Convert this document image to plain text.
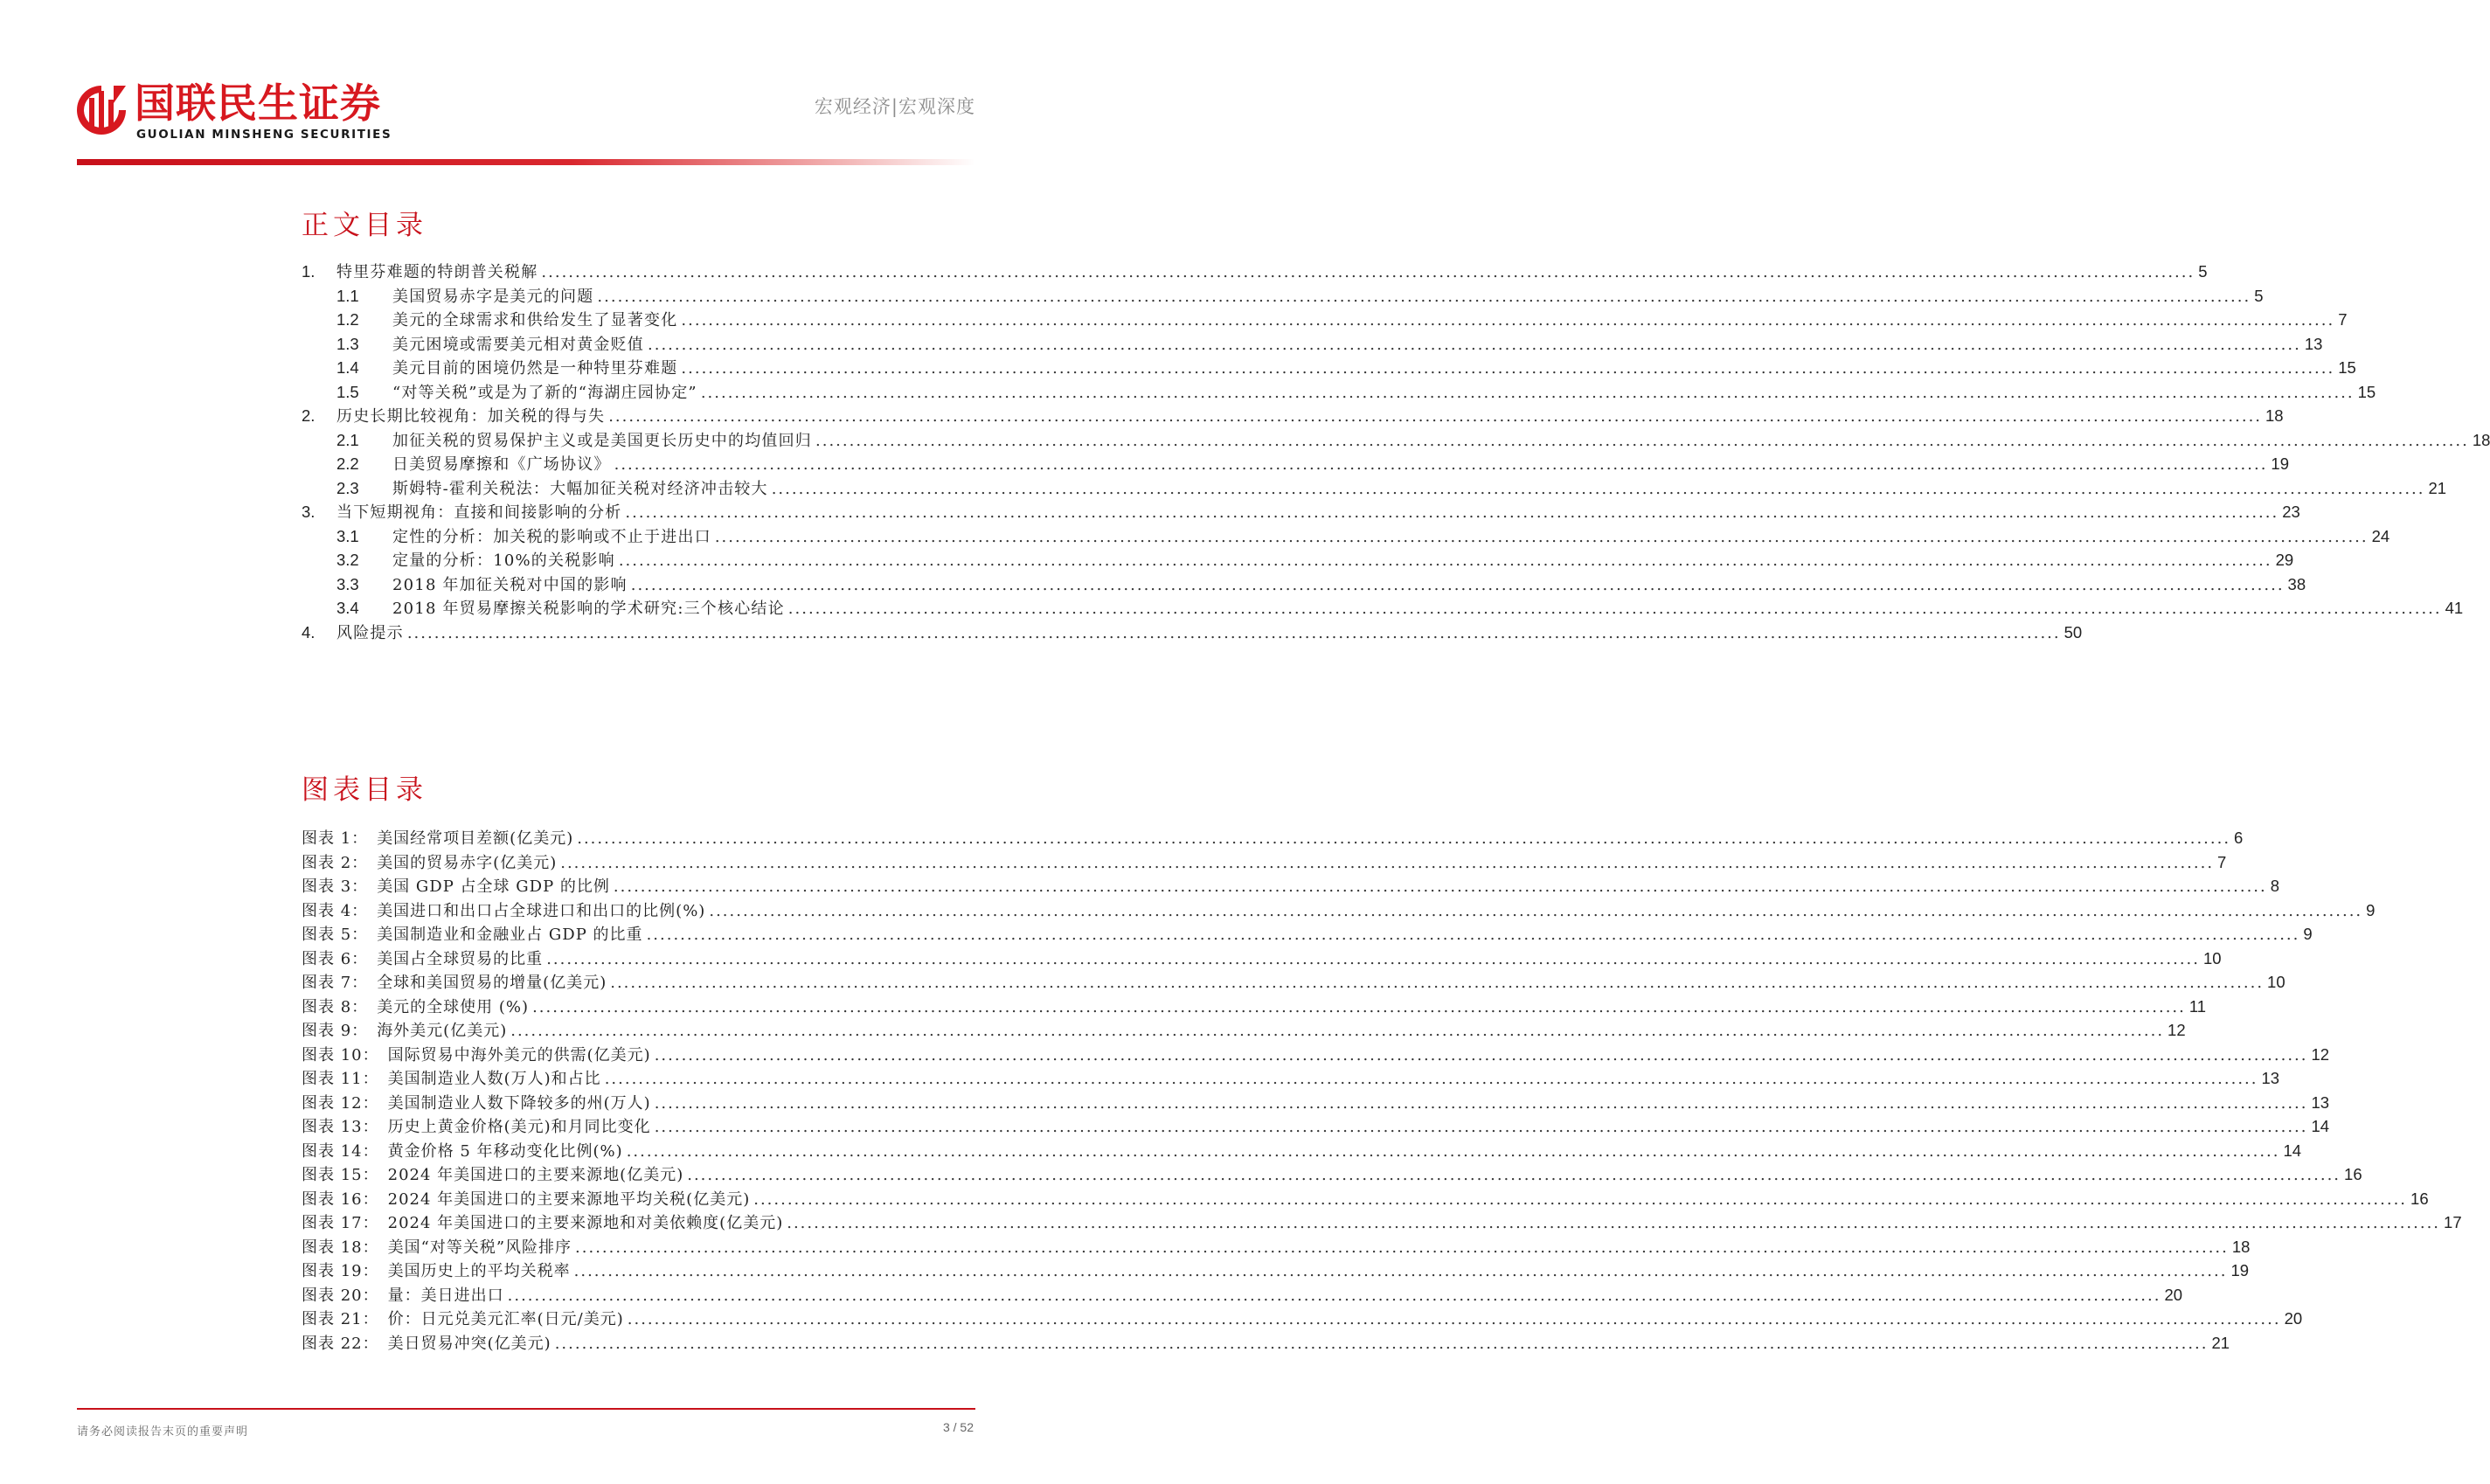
国联民生证券
GUOLIAN MINSHENG SECURITIES
宏观经济|宏观深度
正文目录
1.	特里芬难题的特朗普关税解 .....	5
1.1	美国贸易赤字是美元的问题 .....	5
1.2	美元的全球需求和供给发生了显著变化 .....	7
1.3	美元困境或需要美元相对黄金贬值 .....	13
1.4	美元目前的困境仍然是一种特里芬难题 .....	15
1.5	“对等关税”或是为了新的“海湖庄园协定” .....	15
2.	历史长期比较视角：加关税的得与失 .....	18
2.1	加征关税的贸易保护主义或是美国更长历史中的均值回归 .....	18
2.2	日美贸易摩擦和《广场协议》 .....	19
2.3	斯姆特-霍利关税法：大幅加征关税对经济冲击较大 .....	21
3.	当下短期视角：直接和间接影响的分析 .....	23
3.1	定性的分析：加关税的影响或不止于进出口 .....	24
3.2	定量的分析：10%的关税影响 .....	29
3.3	2018 年加征关税对中国的影响 .....	38
3.4	2018 年贸易摩擦关税影响的学术研究:三个核心结论 .....	41
4.	风险提示 .....	50
图表目录
图表 1： 美国经常项目差额(亿美元) .....	6
图表 2： 美国的贸易赤字(亿美元) .....	7
图表 3： 美国 GDP 占全球 GDP 的比例 .....	8
图表 4： 美国进口和出口占全球进口和出口的比例(%) .....	9
图表 5： 美国制造业和金融业占 GDP 的比重 .....	9
图表 6： 美国占全球贸易的比重 .....	10
图表 7： 全球和美国贸易的增量(亿美元) .....	10
图表 8： 美元的全球使用 (%) .....	11
图表 9： 海外美元(亿美元) .....	12
图表 10： 国际贸易中海外美元的供需(亿美元) .....	12
图表 11： 美国制造业人数(万人)和占比 .....	13
图表 12： 美国制造业人数下降较多的州(万人) .....	13
图表 13： 历史上黄金价格(美元)和月同比变化 .....	14
图表 14： 黄金价格 5 年移动变化比例(%) .....	14
图表 15： 2024 年美国进口的主要来源地(亿美元) .....	16
图表 16： 2024 年美国进口的主要来源地平均关税(亿美元) .....	16
图表 17： 2024 年美国进口的主要来源地和对美依赖度(亿美元) .....	17
图表 18： 美国“对等关税”风险排序 .....	18
图表 19： 美国历史上的平均关税率 .....	19
图表 20： 量：美日进出口 .....	20
图表 21： 价：日元兑美元汇率(日元/美元) .....	20
图表 22： 美日贸易冲突(亿美元) .....	21
请务必阅读报告末页的重要声明	3 / 52
